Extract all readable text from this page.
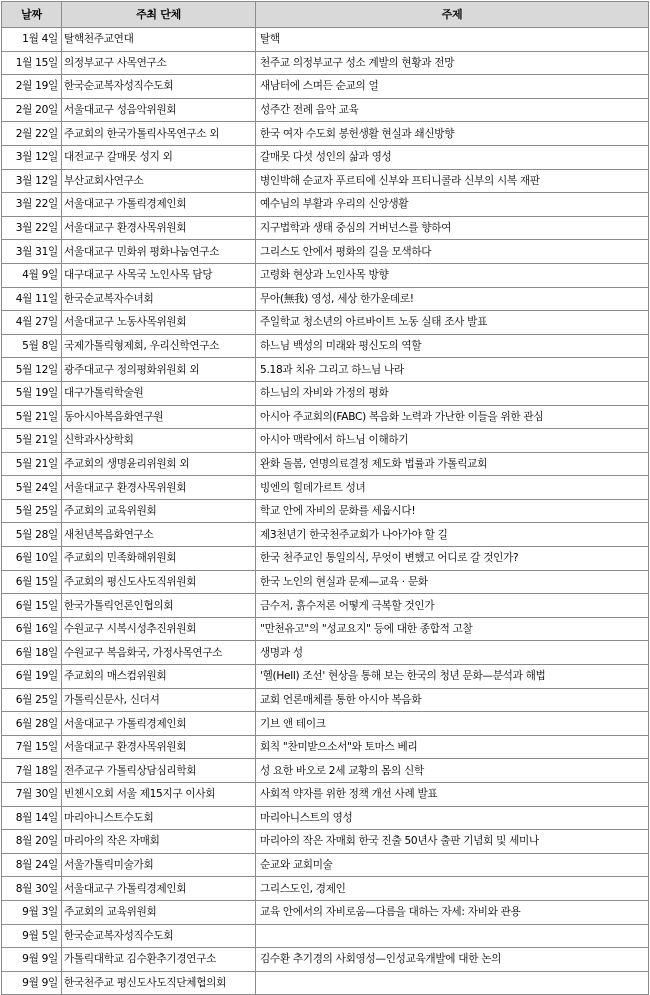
날짜	주최 단체	주제
1월 4일	탈핵천주교연대	탈핵
1월 15일	의정부교구 사목연구소	천주교 의정부교구 성소 계발의 현황과 전망
2월 19일	한국순교복자성직수도회	새남터에 스며든 순교의 얼
2월 20일	서울대교구 성음악위원회	성주간 전례 음악 교육
2월 22일	주교회의 한국가톨릭사목연구소 외	한국 여자 수도회 봉헌생활 현실과 쇄신방향
3월 12일	대전교구 갈매못 성지 외	갈매못 다섯 성인의 삶과 영성
3월 12일	부산교회사연구소	병인박해 순교자 푸르티에 신부와 프티니콜라 신부의 시복 재판
3월 22일	서울대교구 가톨릭경제인회	예수님의 부활과 우리의 신앙생활
3월 22일	서울대교구 환경사목위원회	지구법학과 생태 중심의 거버넌스를 향하여
3월 31일	서울대교구 민화위 평화나눔연구소	그리스도 안에서 평화의 길을 모색하다
4월 9일	대구대교구 사목국 노인사목 담당	고령화 현상과 노인사목 방향
4월 11일	한국순교복자수녀회	무아(無我) 영성, 세상 한가운데로!
4월 27일	서울대교구 노동사목위원회	주일학교 청소년의 아르바이트 노동 실태 조사 발표
5월 8일	국제가톨릭형제회, 우리신학연구소	하느님 백성의 미래와 평신도의 역할
5월 12일	광주대교구 정의평화위원회 외	5.18과 치유 그리고 하느님 나라
5월 19일	대구가톨릭학술원	하느님의 자비와 가정의 평화
5월 21일	동아시아복음화연구원	아시아 주교회의(FABC) 복음화 노력과 가난한 이들을 위한 관심
5월 21일	신학과사상학회	아시아 맥락에서 하느님 이해하기
5월 21일	주교회의 생명윤리위원회 외	완화 돌봄, 연명의료결정 제도화 법률과 가톨릭교회
5월 24일	서울대교구 환경사목위원회	빙엔의 힐데가르트 성녀
5월 25일	주교회의 교육위원회	학교 안에 자비의 문화를 세웁시다!
5월 28일	새천년복음화연구소	제3천년기 한국천주교회가 나아가야 할 길
6월 10일	주교회의 민족화해위원회	한국 천주교인 통일의식, 무엇이 변했고 어디로 갈 것인가?
6월 15일	주교회의 평신도사도직위원회	한국 노인의 현실과 문제—교육 · 문화
6월 15일	한국가톨릭언론인협의회	금수저, 흙수저론 어떻게 극복할 것인가
6월 16일	수원교구 시복시성추진위원회	"만천유고"의 "성교요지" 등에 대한 종합적 고찰
6월 18일	수원교구 복음화국, 가정사목연구소	생명과 성
6월 19일	주교회의 매스컴위원회	'헬(Hell) 조선' 현상을 통해 보는 한국의 청년 문화—분석과 해법
6월 25일	가톨릭신문사, 신더셔	교회 언론매체를 통한 아시아 복음화
6월 28일	서울대교구 가톨릭경제인회	기브 앤 테이크
7월 15일	서울대교구 환경사목위원회	회칙 "찬미받으소서"와 토마스 베리
7월 18일	전주교구 가톨릭상담심리학회	성 요한 바오로 2세 교황의 몸의 신학
7월 30일	빈첸시오회 서울 제15지구 이사회	사회적 약자를 위한 정책 개선 사례 발표
8월 14일	마리아니스트수도회	마리아니스트의 영성
8월 20일	마리아의 작은 자매회	마리아의 작은 자매회 한국 진출 50년사 출판 기념회 및 세미나
8월 24일	서울가톨릭미술가회	순교와 교회미술
8월 30일	서울대교구 가톨릭경제인회	그리스도인, 경제인
9월 3일	주교회의 교육위원회	교육 안에서의 자비로움—다름을 대하는 자세: 자비와 관용
9월 5일	한국순교복자성직수도회	
9월 9일	가톨릭대학교 김수환추기경연구소	김수환 추기경의 사회영성—인성교육개발에 대한 논의
9월 9일	한국천주교 평신도사도직단체협의회	
